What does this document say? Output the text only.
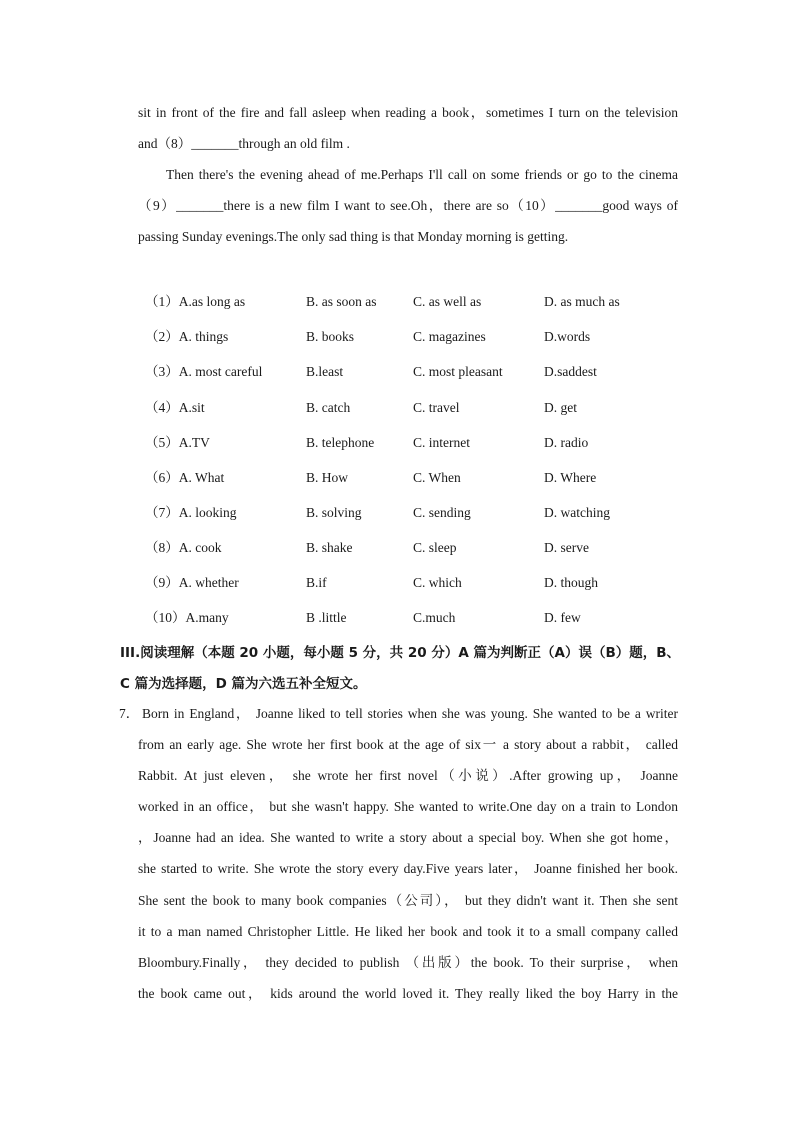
sit in front of the fire and fall asleep when reading a book，sometimes I turn on the television
and（8）_______through an old film .
Then there's the evening ahead of me.Perhaps I'll call on some friends or go to the cinema
（9）_______there is a new film I want to see.Oh，there are so（10）_______good ways of
passing Sunday evenings.The only sad thing is that Monday morning is getting.
（1）A.as long as	B. as soon as	C. as well as	D. as much as
（2）A. things	B. books	C. magazines	D.words
（3）A. most careful	B.least	C. most pleasant	D.saddest
（4）A.sit	B. catch	C. travel	D. get
（5）A.TV	B. telephone	C. internet	D. radio
（6）A. What	B. How	C. When	D. Where
（7）A. looking	B. solving	C. sending	D. watching
（8）A. cook	B. shake	C. sleep	D. serve
（9）A. whether	B.if	C. which	D. though
（10）A.many	B .little	C.much	D. few
III.阅读理解（本题 20 小题，每小题 5 分，共 20 分）A 篇为判断正（A）误（B）题，B、
C 篇为选择题，D 篇为六选五补全短文。
7． Born in England， Joanne liked to tell stories when she was young. She wanted to be a writer
from an early age. She wrote her first book at the age of six一 a story about a rabbit， called
Rabbit. At just eleven， she wrote her first novel（小说）.After growing up， Joanne
worked in an office， but she wasn't happy. She wanted to write.One day on a train to London
，Joanne had an idea. She wanted to write a story about a special boy. When she got home，
she started to write. She wrote the story every day.Five years later， Joanne finished her book.
She sent the book to many book companies（公司）， but they didn't want it. Then she sent
it to a man named Christopher Little. He liked her book and took it to a small company called
Bloombury.Finally， they decided to publish （出版）the book. To their surprise， when
the book came out， kids around the world loved it. They really liked the boy Harry in the
